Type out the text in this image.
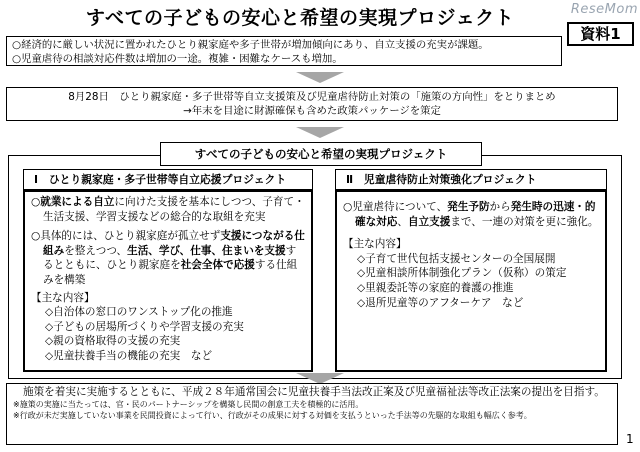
すべての子どもの安心と希望の実現プロジェクト	ReseMom
資料1
○経済的に厳しい状況に置かれたひとり親家庭や多子世帯が増加傾向にあり、自立支援の充実が課題。
○児童虐待の相談対応件数は増加の一途。複雑・困難なケースも増加。
8月28日　ひとり親家庭・多子世帯等自立支援策及び児童虐待防止対策の「施策の方向性」をとりまとめ
→年末を目途に財源確保も含めた政策パッケージを策定
すべての子どもの安心と希望の実現プロジェクト
Ⅰ　ひとり親家庭・多子世帯等自立応援プロジェクト

○就業による自立に向けた支援を基本にしつつ、子育て・生活支援、学習支援などの総合的な取組を充実

○具体的には、ひとり親家庭が孤立せず支援につながる仕組みを整えつつ、生活、学び、仕事、住まいを支援するとともに、ひとり親家庭を社会全体で応援する仕組みを構築

【主な内容】
◇自治体の窓口のワンストップ化の推進
◇子どもの居場所づくりや学習支援の充実
◇親の資格取得の支援の充実
◇児童扶養手当の機能の充実　など
Ⅱ　児童虐待防止対策強化プロジェクト

○児童虐待について、発生予防から発生時の迅速・的確な対応、自立支援まで、一連の対策を更に強化。

【主な内容】
◇子育て世代包括支援センターの全国展開
◇児童相談所体制強化プラン（仮称）の策定
◇里親委託等の家庭的養護の推進
◇退所児童等のアフターケア　など
施策を着実に実施するとともに、平成２８年通常国会に児童扶養手当法改正案及び児童福祉法等改正法案の提出を目指す。
※施策の実施に当たっては、官・民のパートナーシップを構築し民間の創意工夫を積極的に活用。
※行政が未だ実施していない事業を民間投資によって行い、行政がその成果に対する対価を支払うといった手法等の先駆的な取組も幅広く参考。
1
